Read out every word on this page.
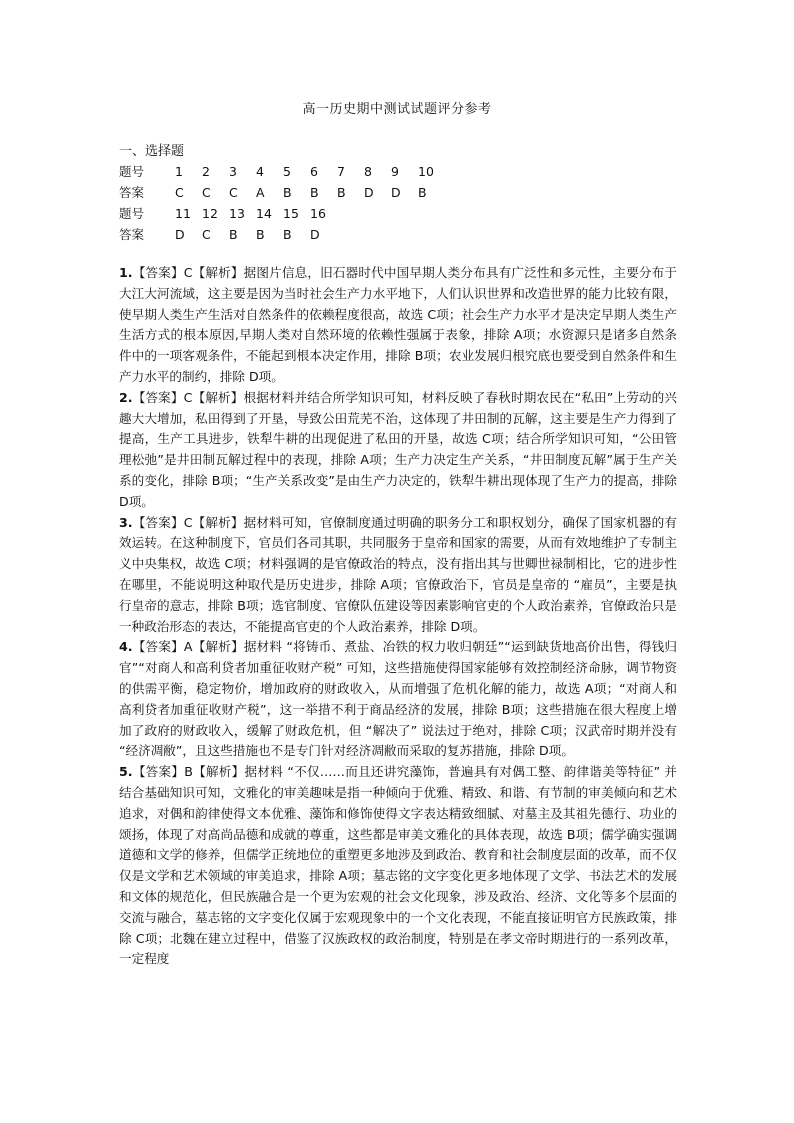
高一历史期中测试试题评分参考
一、选择题
题号 1 2 3 4 5 6 7 8 9 10
答案 C C C A B B B D D B
题号 11 12 13 14 15 16
答案 D C B B B D

1.【答案】C【解析】据图片信息，旧石器时代中国早期人类分布具有广泛性和多元性，主要分布于大江大河流域，这主要是因为当时社会生产力水平地下，人们认识世界和改造世界的能力比较有限，使早期人类生产生活对自然条件的依赖程度很高，故选 C项；社会生产力水平才是决定早期人类生产生活方式的根本原因,早期人类对自然环境的依赖性强属于表象，排除 A项；水资源只是诸多自然条件中的一项客观条件，不能起到根本决定作用，排除 B项；农业发展归根究底也要受到自然条件和生产力水平的制约，排除 D项。

2.【答案】C【解析】根据材料并结合所学知识可知，材料反映了春秋时期农民在“私田”上劳动的兴趣大大增加，私田得到了开垦，导致公田荒芜不治，这体现了井田制的瓦解，这主要是生产力得到了提高，生产工具进步，铁犁牛耕的出现促进了私田的开垦，故选 C项；结合所学知识可知，“公田管理松弛”是井田制瓦解过程中的表现，排除 A项；生产力决定生产关系，“井田制度瓦解”属于生产关系的变化，排除 B项；“生产关系改变”是由生产力决定的，铁犁牛耕出现体现了生产力的提高，排除 D项。

3.【答案】C【解析】据材料可知，官僚制度通过明确的职务分工和职权划分，确保了国家机器的有效运转。在这种制度下，官员们各司其职，共同服务于皇帝和国家的需要，从而有效地维护了专制主义中央集权，故选 C项；材料强调的是官僚政治的特点，没有指出其与世卿世禄制相比，它的进步性在哪里，不能说明这种取代是历史进步，排除 A项；官僚政治下，官员是皇帝的 “雇员”，主要是执行皇帝的意志，排除 B项；选官制度、官僚队伍建设等因素影响官吏的个人政治素养，官僚政治只是一种政治形态的表达，不能提高官吏的个人政治素养，排除 D项。

4.【答案】A【解析】据材料 “将铸币、煮盐、冶铁的权力收归朝廷”“运到缺货地高价出售，得钱归官”“对商人和高利贷者加重征收财产税” 可知，这些措施使得国家能够有效控制经济命脉，调节物资的供需平衡，稳定物价，增加政府的财政收入，从而增强了危机化解的能力，故选 A项；“对商人和高利贷者加重征收财产税”，这一举措不利于商品经济的发展，排除 B项；这些措施在很大程度上增加了政府的财政收入，缓解了财政危机，但 “解决了” 说法过于绝对，排除 C项；汉武帝时期并没有 “经济凋敝”，且这些措施也不是专门针对经济凋敝而采取的复苏措施，排除 D项。

5.【答案】B【解析】据材料 “不仅……而且还讲究藻饰，普遍具有对偶工整、韵律谐美等特征” 并结合基础知识可知，文雅化的审美趣味是指一种倾向于优雅、精致、和谐、有节制的审美倾向和艺术追求，对偶和韵律使得文本优雅、藻饰和修饰使得文字表达精致细腻、对墓主及其祖先德行、功业的颂扬，体现了对高尚品德和成就的尊重，这些都是审美文雅化的具体表现，故选 B项；儒学确实强调道德和文学的修养，但儒学正统地位的重塑更多地涉及到政治、教育和社会制度层面的改革，而不仅仅是文学和艺术领域的审美追求，排除 A项；墓志铭的文字变化更多地体现了文学、书法艺术的发展和文体的规范化，但民族融合是一个更为宏观的社会文化现象，涉及政治、经济、文化等多个层面的交流与融合，墓志铭的文字变化仅属于宏观现象中的一个文化表现，不能直接证明官方民族政策，排除 C项；北魏在建立过程中，借鉴了汉族政权的政治制度，特别是在孝文帝时期进行的一系列改革，一定程度
